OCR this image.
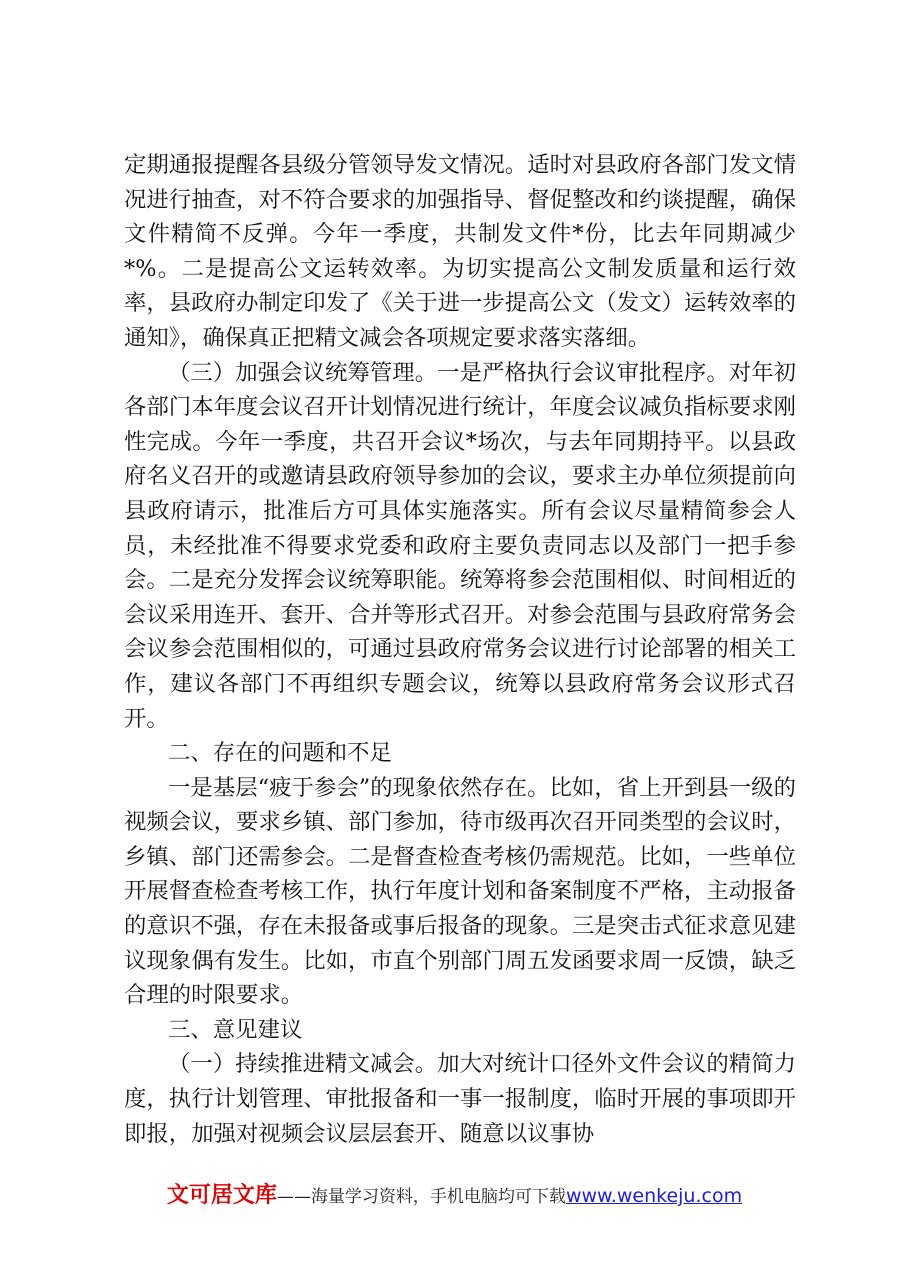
定期通报提醒各县级分管领导发文情况。适时对县政府各部门发文情况进行抽查，对不符合要求的加强指导、督促整改和约谈提醒，确保文件精简不反弹。今年一季度，共制发文件*份，比去年同期减少*%。二是提高公文运转效率。为切实提高公文制发质量和运行效率，县政府办制定印发了《关于进一步提高公文（发文）运转效率的通知》，确保真正把精文减会各项规定要求落实落细。

（三）加强会议统筹管理。一是严格执行会议审批程序。对年初各部门本年度会议召开计划情况进行统计，年度会议减负指标要求刚性完成。今年一季度，共召开会议*场次，与去年同期持平。以县政府名义召开的或邀请县政府领导参加的会议，要求主办单位须提前向县政府请示，批准后方可具体实施落实。所有会议尽量精简参会人员，未经批准不得要求党委和政府主要负责同志以及部门一把手参会。二是充分发挥会议统筹职能。统筹将参会范围相似、时间相近的会议采用连开、套开、合并等形式召开。对参会范围与县政府常务会会议参会范围相似的，可通过县政府常务会议进行讨论部署的相关工作，建议各部门不再组织专题会议，统筹以县政府常务会议形式召开。

二、存在的问题和不足

一是基层“疲于参会”的现象依然存在。比如，省上开到县一级的视频会议，要求乡镇、部门参加，待市级再次召开同类型的会议时，乡镇、部门还需参会。二是督查检查考核仍需规范。比如，一些单位开展督查检查考核工作，执行年度计划和备案制度不严格，主动报备的意识不强，存在未报备或事后报备的现象。三是突击式征求意见建议现象偶有发生。比如，市直个别部门周五发函要求周一反馈，缺乏合理的时限要求。

三、意见建议

（一）持续推进精文减会。加大对统计口径外文件会议的精简力度，执行计划管理、审批报备和一事一报制度，临时开展的事项即开即报，加强对视频会议层层套开、随意以议事协

文可居文库——海量学习资料，手机电脑均可下载www.wenkeju.com
